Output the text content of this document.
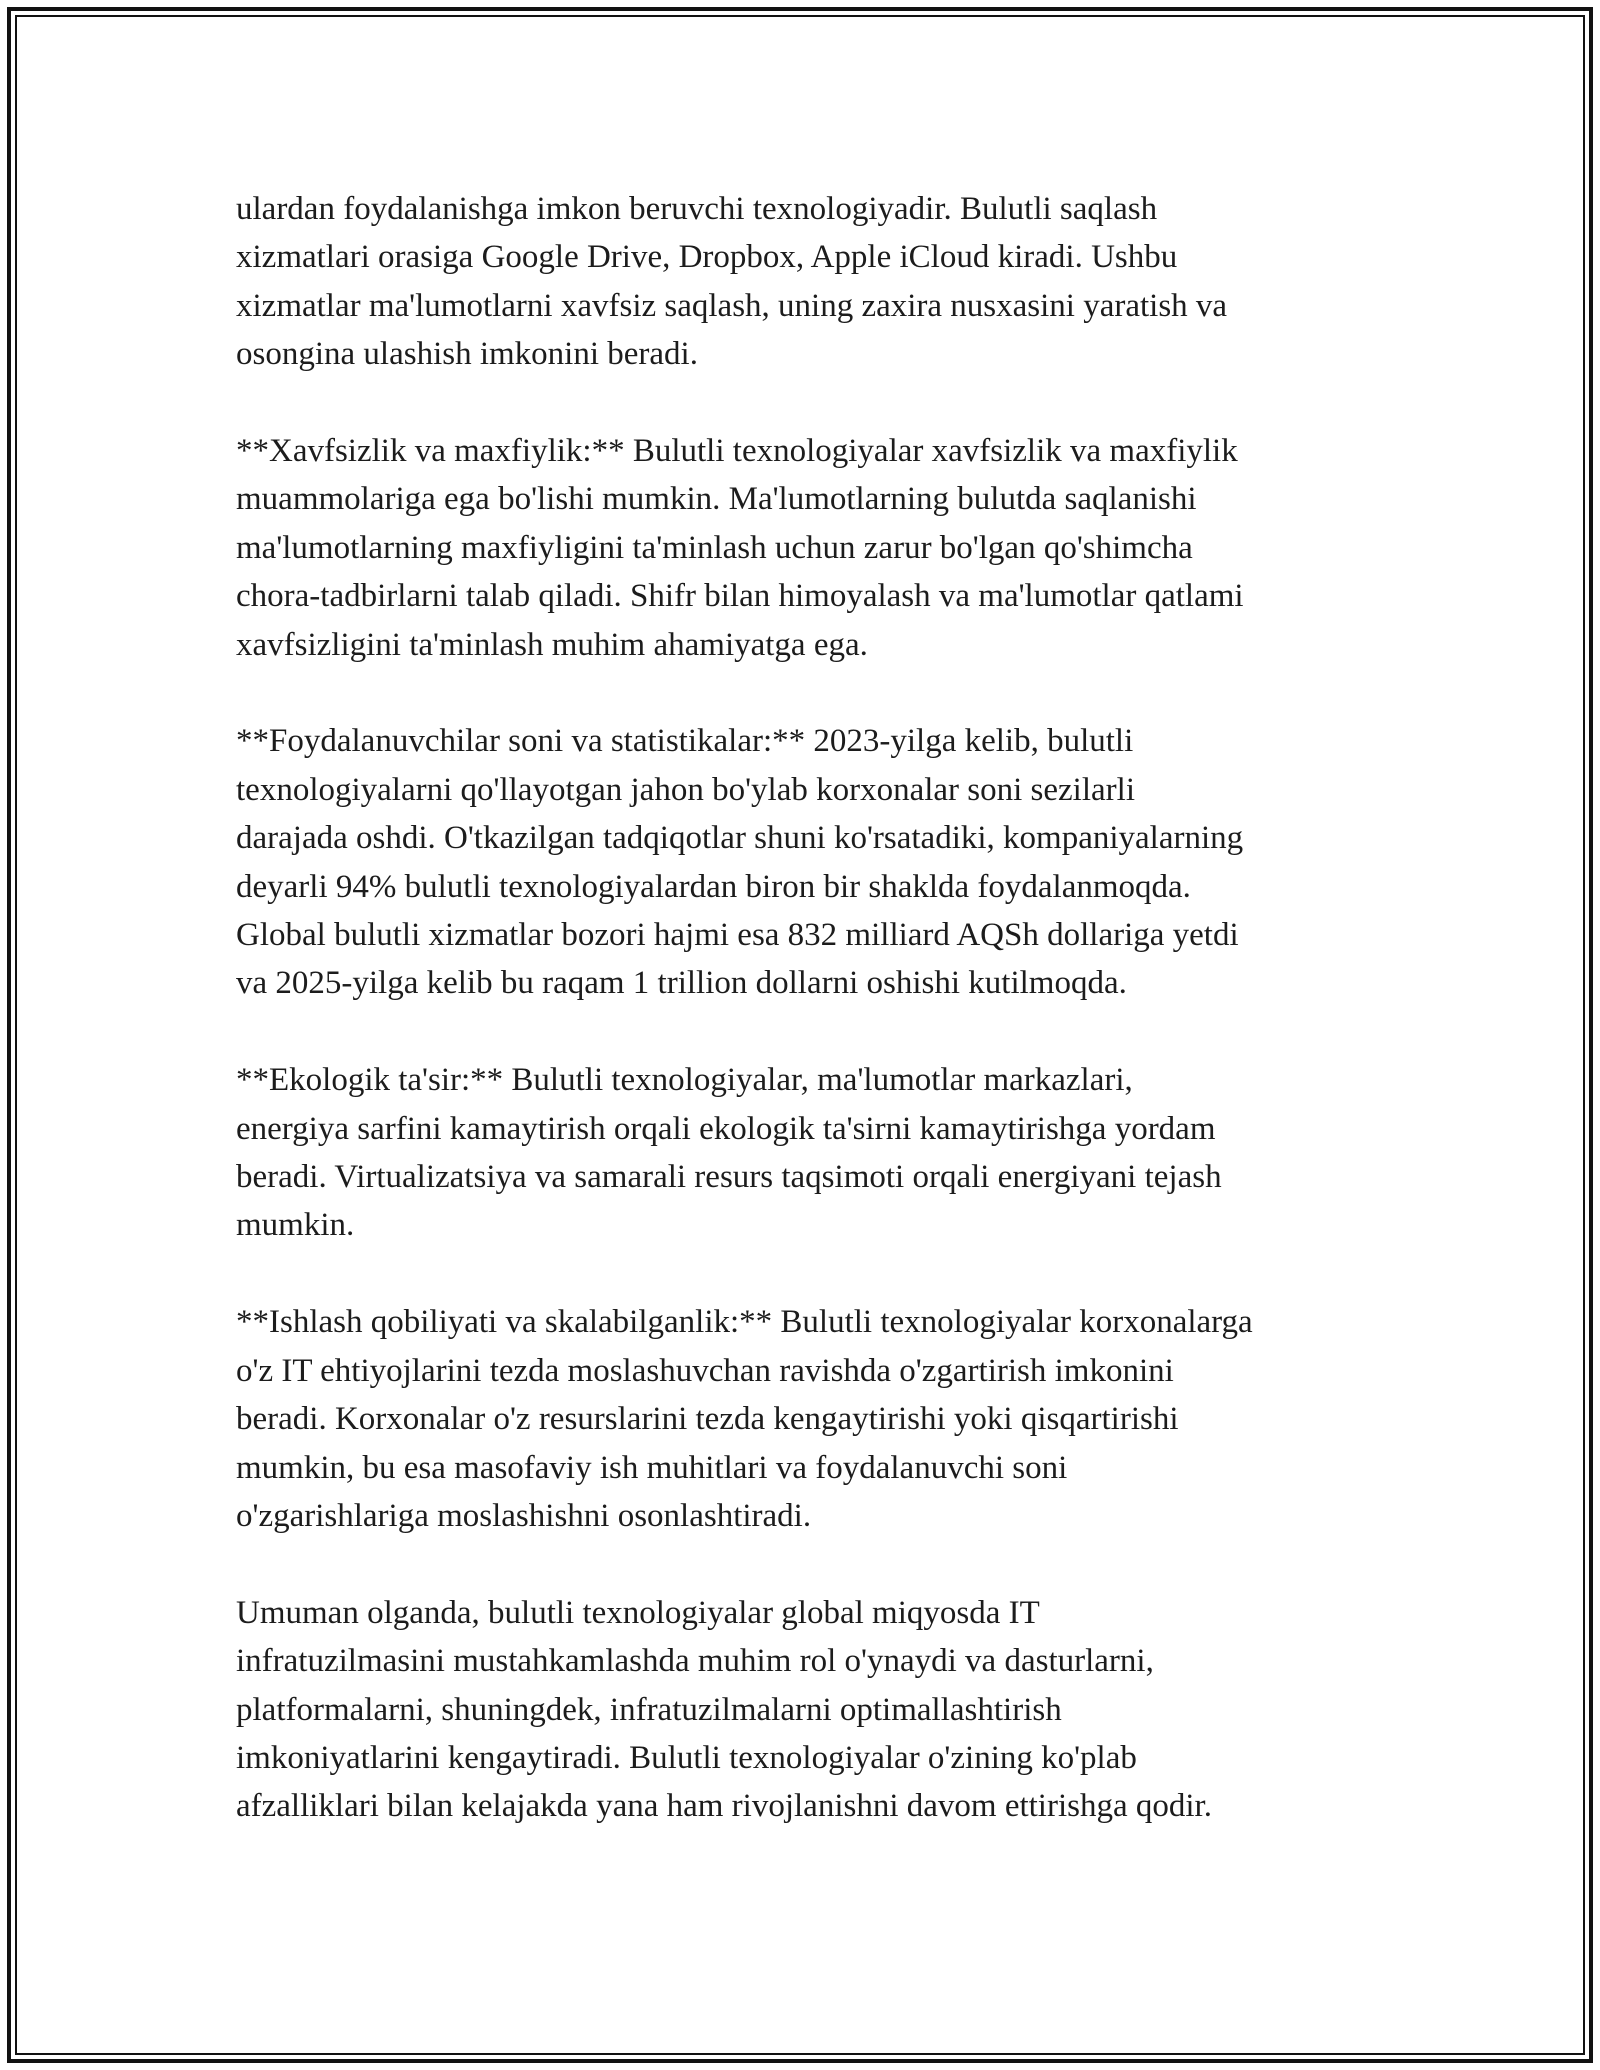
ulardan foydalanishga imkon beruvchi texnologiyadir. Bulutli saqlash
xizmatlari orasiga Google Drive, Dropbox, Apple iCloud kiradi. Ushbu
xizmatlar ma'lumotlarni xavfsiz saqlash, uning zaxira nusxasini yaratish va
osongina ulashish imkonini beradi.

**Xavfsizlik va maxfiylik:** Bulutli texnologiyalar xavfsizlik va maxfiylik
muammolariga ega bo'lishi mumkin. Ma'lumotlarning bulutda saqlanishi
ma'lumotlarning maxfiyligini ta'minlash uchun zarur bo'lgan qo'shimcha
chora-tadbirlarni talab qiladi. Shifr bilan himoyalash va ma'lumotlar qatlami
xavfsizligini ta'minlash muhim ahamiyatga ega.

**Foydalanuvchilar soni va statistikalar:** 2023-yilga kelib, bulutli
texnologiyalarni qo'llayotgan jahon bo'ylab korxonalar soni sezilarli
darajada oshdi. O'tkazilgan tadqiqotlar shuni ko'rsatadiki, kompaniyalarning
deyarli 94% bulutli texnologiyalardan biron bir shaklda foydalanmoqda.
Global bulutli xizmatlar bozori hajmi esa 832 milliard AQSh dollariga yetdi
va 2025-yilga kelib bu raqam 1 trillion dollarni oshishi kutilmoqda.

**Ekologik ta'sir:** Bulutli texnologiyalar, ma'lumotlar markazlari,
energiya sarfini kamaytirish orqali ekologik ta'sirni kamaytirishga yordam
beradi. Virtualizatsiya va samarali resurs taqsimoti orqali energiyani tejash
mumkin.

**Ishlash qobiliyati va skalabilganlik:** Bulutli texnologiyalar korxonalarga
o'z IT ehtiyojlarini tezda moslashuvchan ravishda o'zgartirish imkonini
beradi. Korxonalar o'z resurslarini tezda kengaytirishi yoki qisqartirishi
mumkin, bu esa masofaviy ish muhitlari va foydalanuvchi soni
o'zgarishlariga moslashishni osonlashtiradi.

Umuman olganda, bulutli texnologiyalar global miqyosda IT
infratuzilmasini mustahkamlashda muhim rol o'ynaydi va dasturlarni,
platformalarni, shuningdek, infratuzilmalarni optimallashtirish
imkoniyatlarini kengaytiradi. Bulutli texnologiyalar o'zining ko'plab
afzalliklari bilan kelajakda yana ham rivojlanishni davom ettirishga qodir.
